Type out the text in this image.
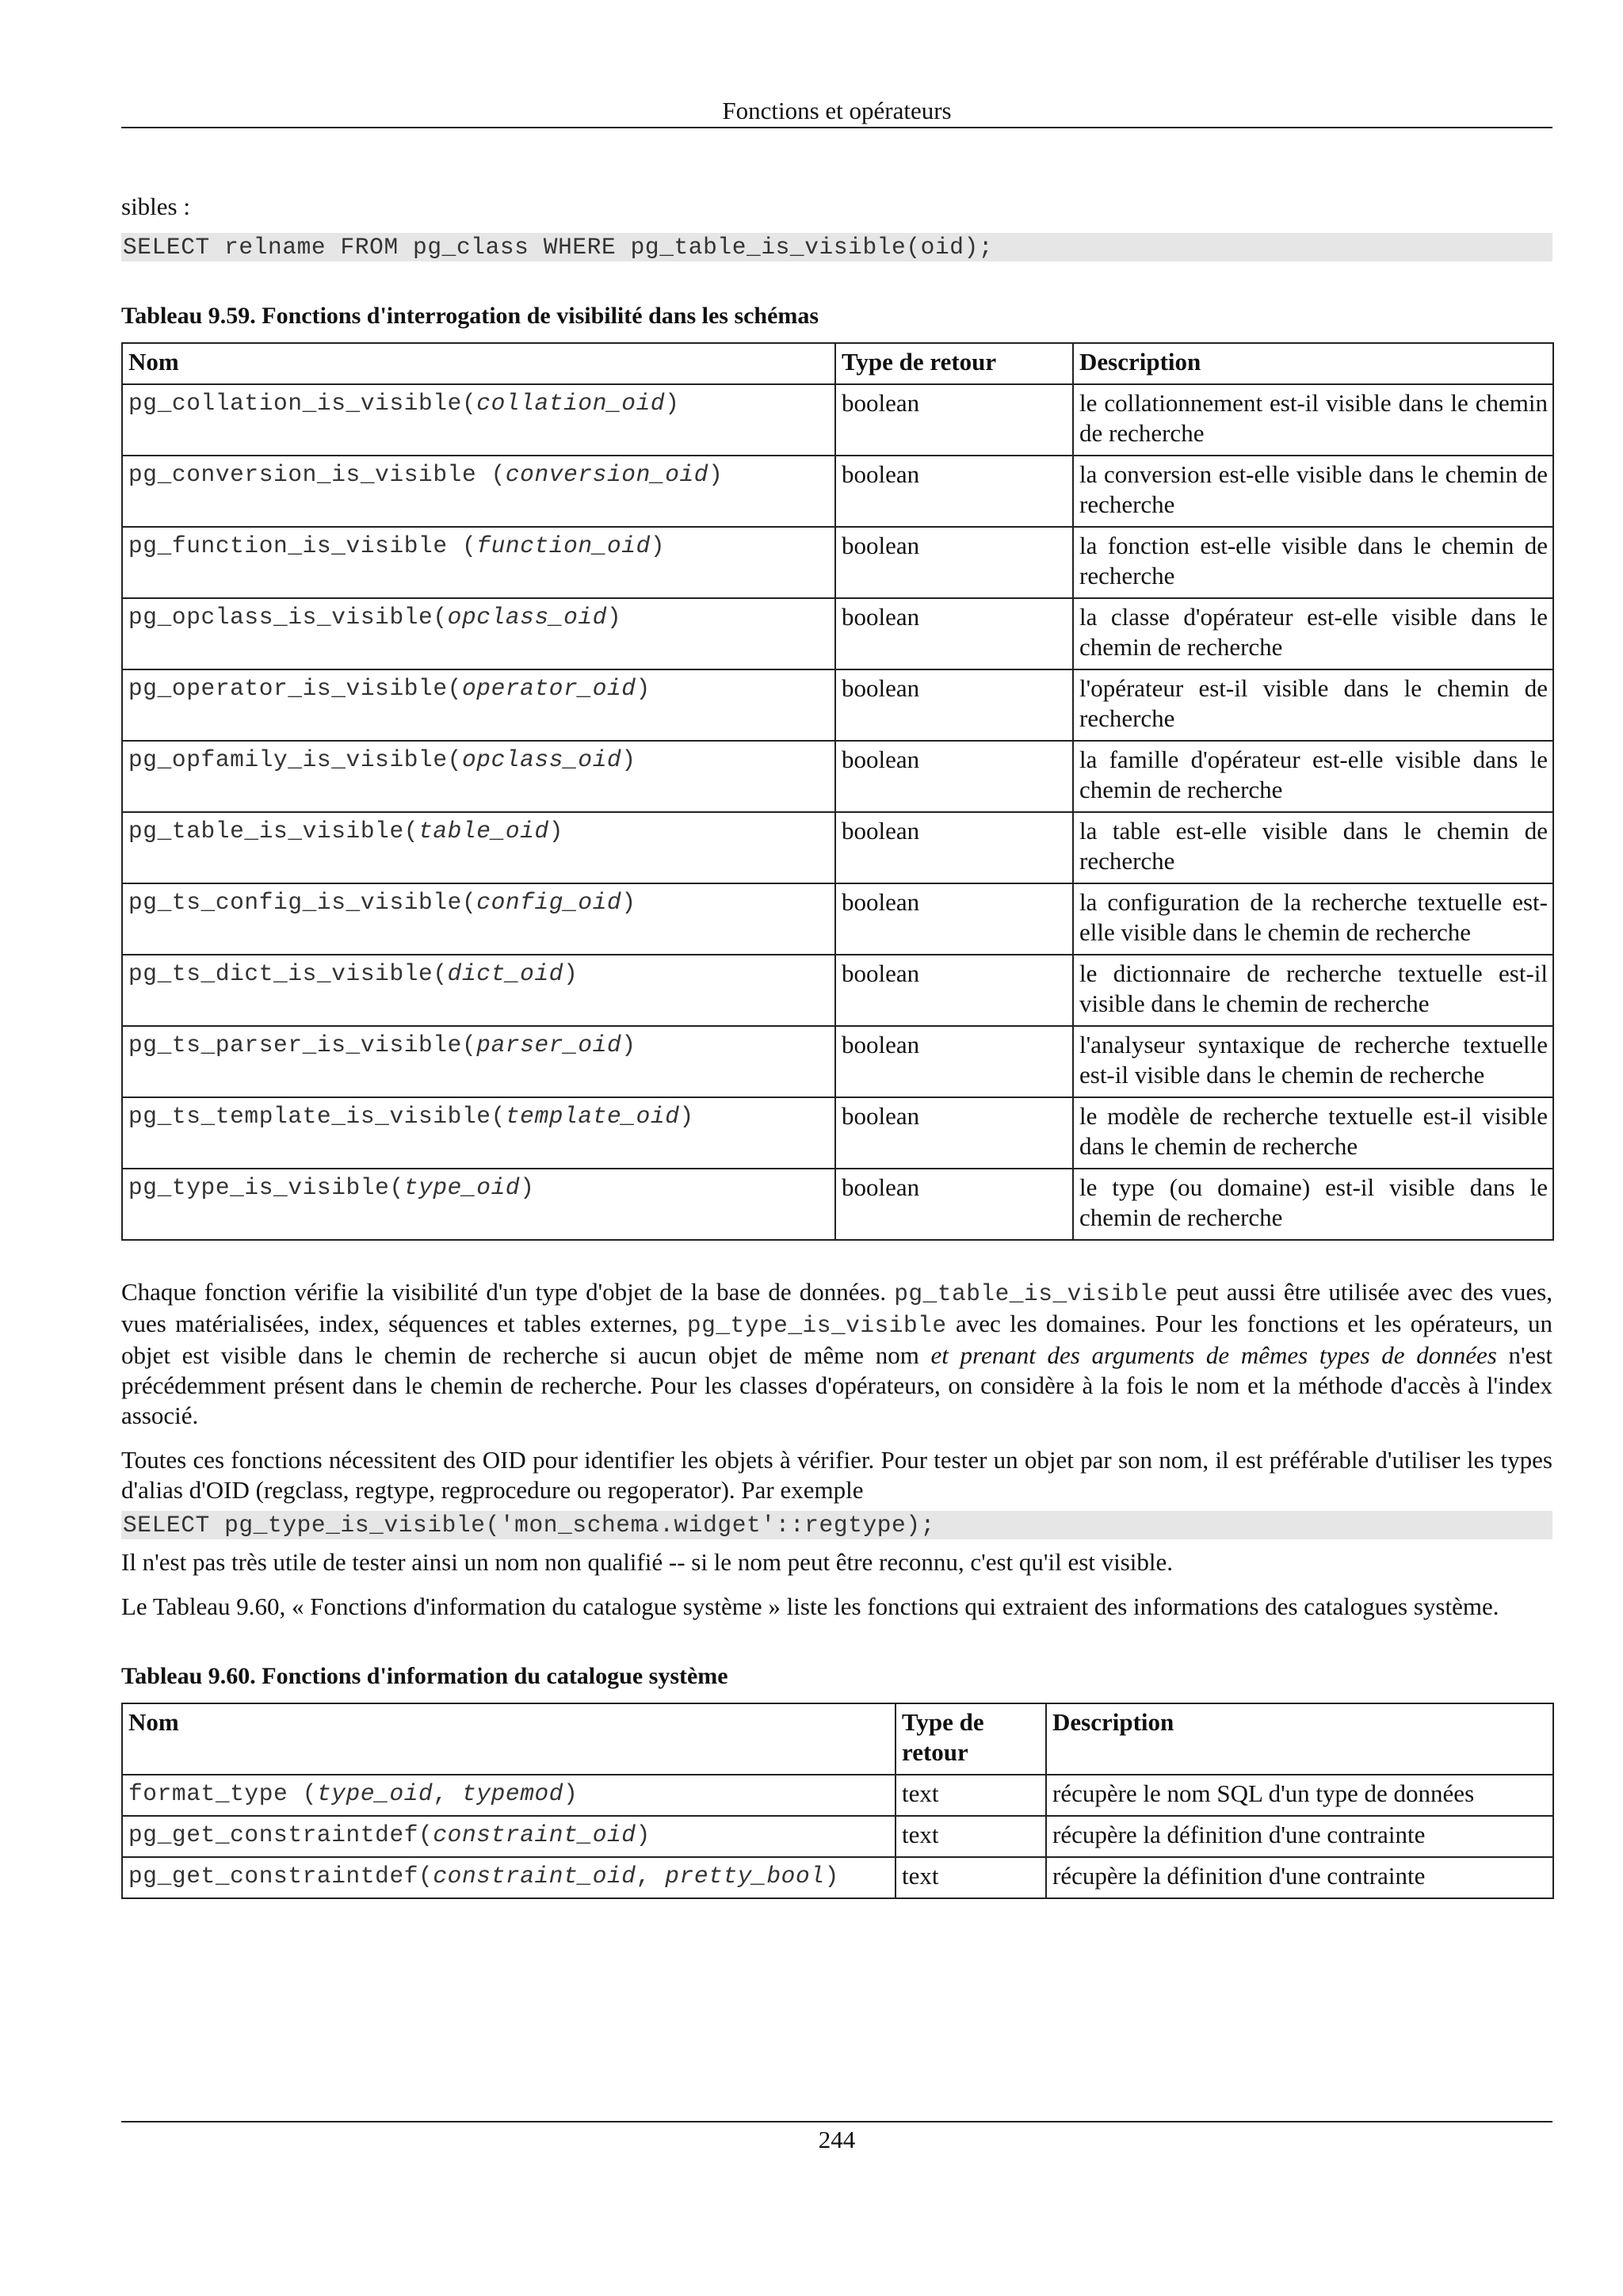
Fonctions et opérateurs

sibles :

SELECT relname FROM pg_class WHERE pg_table_is_visible(oid);
Tableau 9.59. Fonctions d'interrogation de visibilité dans les schémas
Nom	Type de retour	Description
pg_collation_is_visible(collation_oid)	boolean	le collationnement est-il visible dans le chemin de recherche
pg_conversion_is_visible (conversion_oid)	boolean	la conversion est-elle visible dans le chemin de recherche
pg_function_is_visible (function_oid)	boolean	la fonction est-elle visible dans le chemin de recherche
pg_opclass_is_visible(opclass_oid)	boolean	la classe d'opérateur est-elle visible dans le chemin de recherche
pg_operator_is_visible(operator_oid)	boolean	l'opérateur est-il visible dans le chemin de recherche
pg_opfamily_is_visible(opclass_oid)	boolean	la famille d'opérateur est-elle visible dans le chemin de recherche
pg_table_is_visible(table_oid)	boolean	la table est-elle visible dans le chemin de recherche
pg_ts_config_is_visible(config_oid)	boolean	la configuration de la recherche textuelle est-elle visible dans le chemin de recherche
pg_ts_dict_is_visible(dict_oid)	boolean	le dictionnaire de recherche textuelle est-il visible dans le chemin de recherche
pg_ts_parser_is_visible(parser_oid)	boolean	l'analyseur syntaxique de recherche textuelle est-il visible dans le chemin de recherche
pg_ts_template_is_visible(template_oid)	boolean	le modèle de recherche textuelle est-il visible dans le chemin de recherche
pg_type_is_visible(type_oid)	boolean	le type (ou domaine) est-il visible dans le chemin de recherche

Chaque fonction vérifie la visibilité d'un type d'objet de la base de données. pg_table_is_visible peut aussi être utilisée avec des vues, vues matérialisées, index, séquences et tables externes, pg_type_is_visible avec les domaines. Pour les fonctions et les opérateurs, un objet est visible dans le chemin de recherche si aucun objet de même nom et prenant des arguments de mêmes types de données n'est précédemment présent dans le chemin de recherche. Pour les classes d'opérateurs, on considère à la fois le nom et la méthode d'accès à l'index associé.

Toutes ces fonctions nécessitent des OID pour identifier les objets à vérifier. Pour tester un objet par son nom, il est préférable d'utiliser les types d'alias d'OID (regclass, regtype, regprocedure ou regoperator). Par exemple

SELECT pg_type_is_visible('mon_schema.widget'::regtype);

Il n'est pas très utile de tester ainsi un nom non qualifié -- si le nom peut être reconnu, c'est qu'il est visible.

Le Tableau 9.60, « Fonctions d'information du catalogue système » liste les fonctions qui extraient des informations des catalogues système.

Tableau 9.60. Fonctions d'information du catalogue système
Nom	Type de retour	Description
format_type (type_oid, typemod)	text	récupère le nom SQL d'un type de données
pg_get_constraintdef(constraint_oid)	text	récupère la définition d'une contrainte
pg_get_constraintdef(constraint_oid, pretty_bool)	text	récupère la définition d'une contrainte
244
